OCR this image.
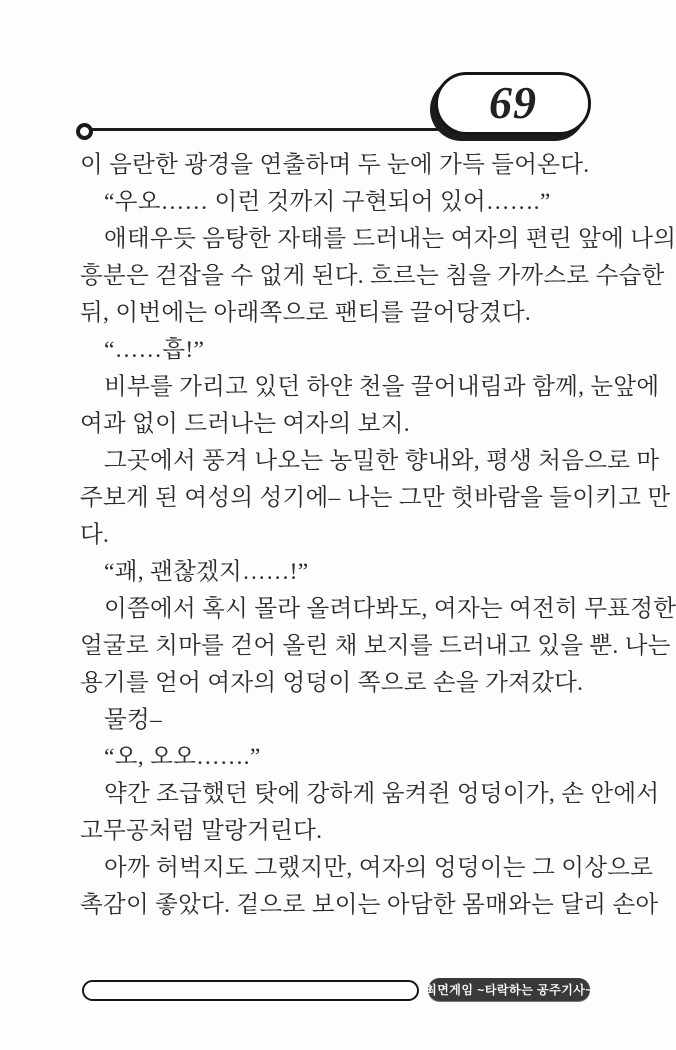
69
이 음란한 광경을 연출하며 두 눈에 가득 들어온다.
“우오…… 이런 것까지 구현되어 있어…….”
애태우듯 음탕한 자태를 드러내는 여자의 편린 앞에 나의
흥분은 걷잡을 수 없게 된다. 흐르는 침을 가까스로 수습한
뒤, 이번에는 아래쪽으로 팬티를 끌어당겼다.
“……흡!”
비부를 가리고 있던 하얀 천을 끌어내림과 함께, 눈앞에
여과 없이 드러나는 여자의 보지.
그곳에서 풍겨 나오는 농밀한 향내와, 평생 처음으로 마
주보게 된 여성의 성기에– 나는 그만 헛바람을 들이키고 만
다.
“괘, 괜찮겠지……!”
이쯤에서 혹시 몰라 올려다봐도, 여자는 여전히 무표정한
얼굴로 치마를 걷어 올린 채 보지를 드러내고 있을 뿐. 나는
용기를 얻어 여자의 엉덩이 쪽으로 손을 가져갔다.
물컹–
“오, 오오…….”
약간 조급했던 탓에 강하게 움켜쥔 엉덩이가, 손 안에서
고무공처럼 말랑거린다.
아까 허벅지도 그랬지만, 여자의 엉덩이는 그 이상으로
촉감이 좋았다. 겉으로 보이는 아담한 몸매와는 달리 손아
최면게임 ~타락하는 공주기사~
